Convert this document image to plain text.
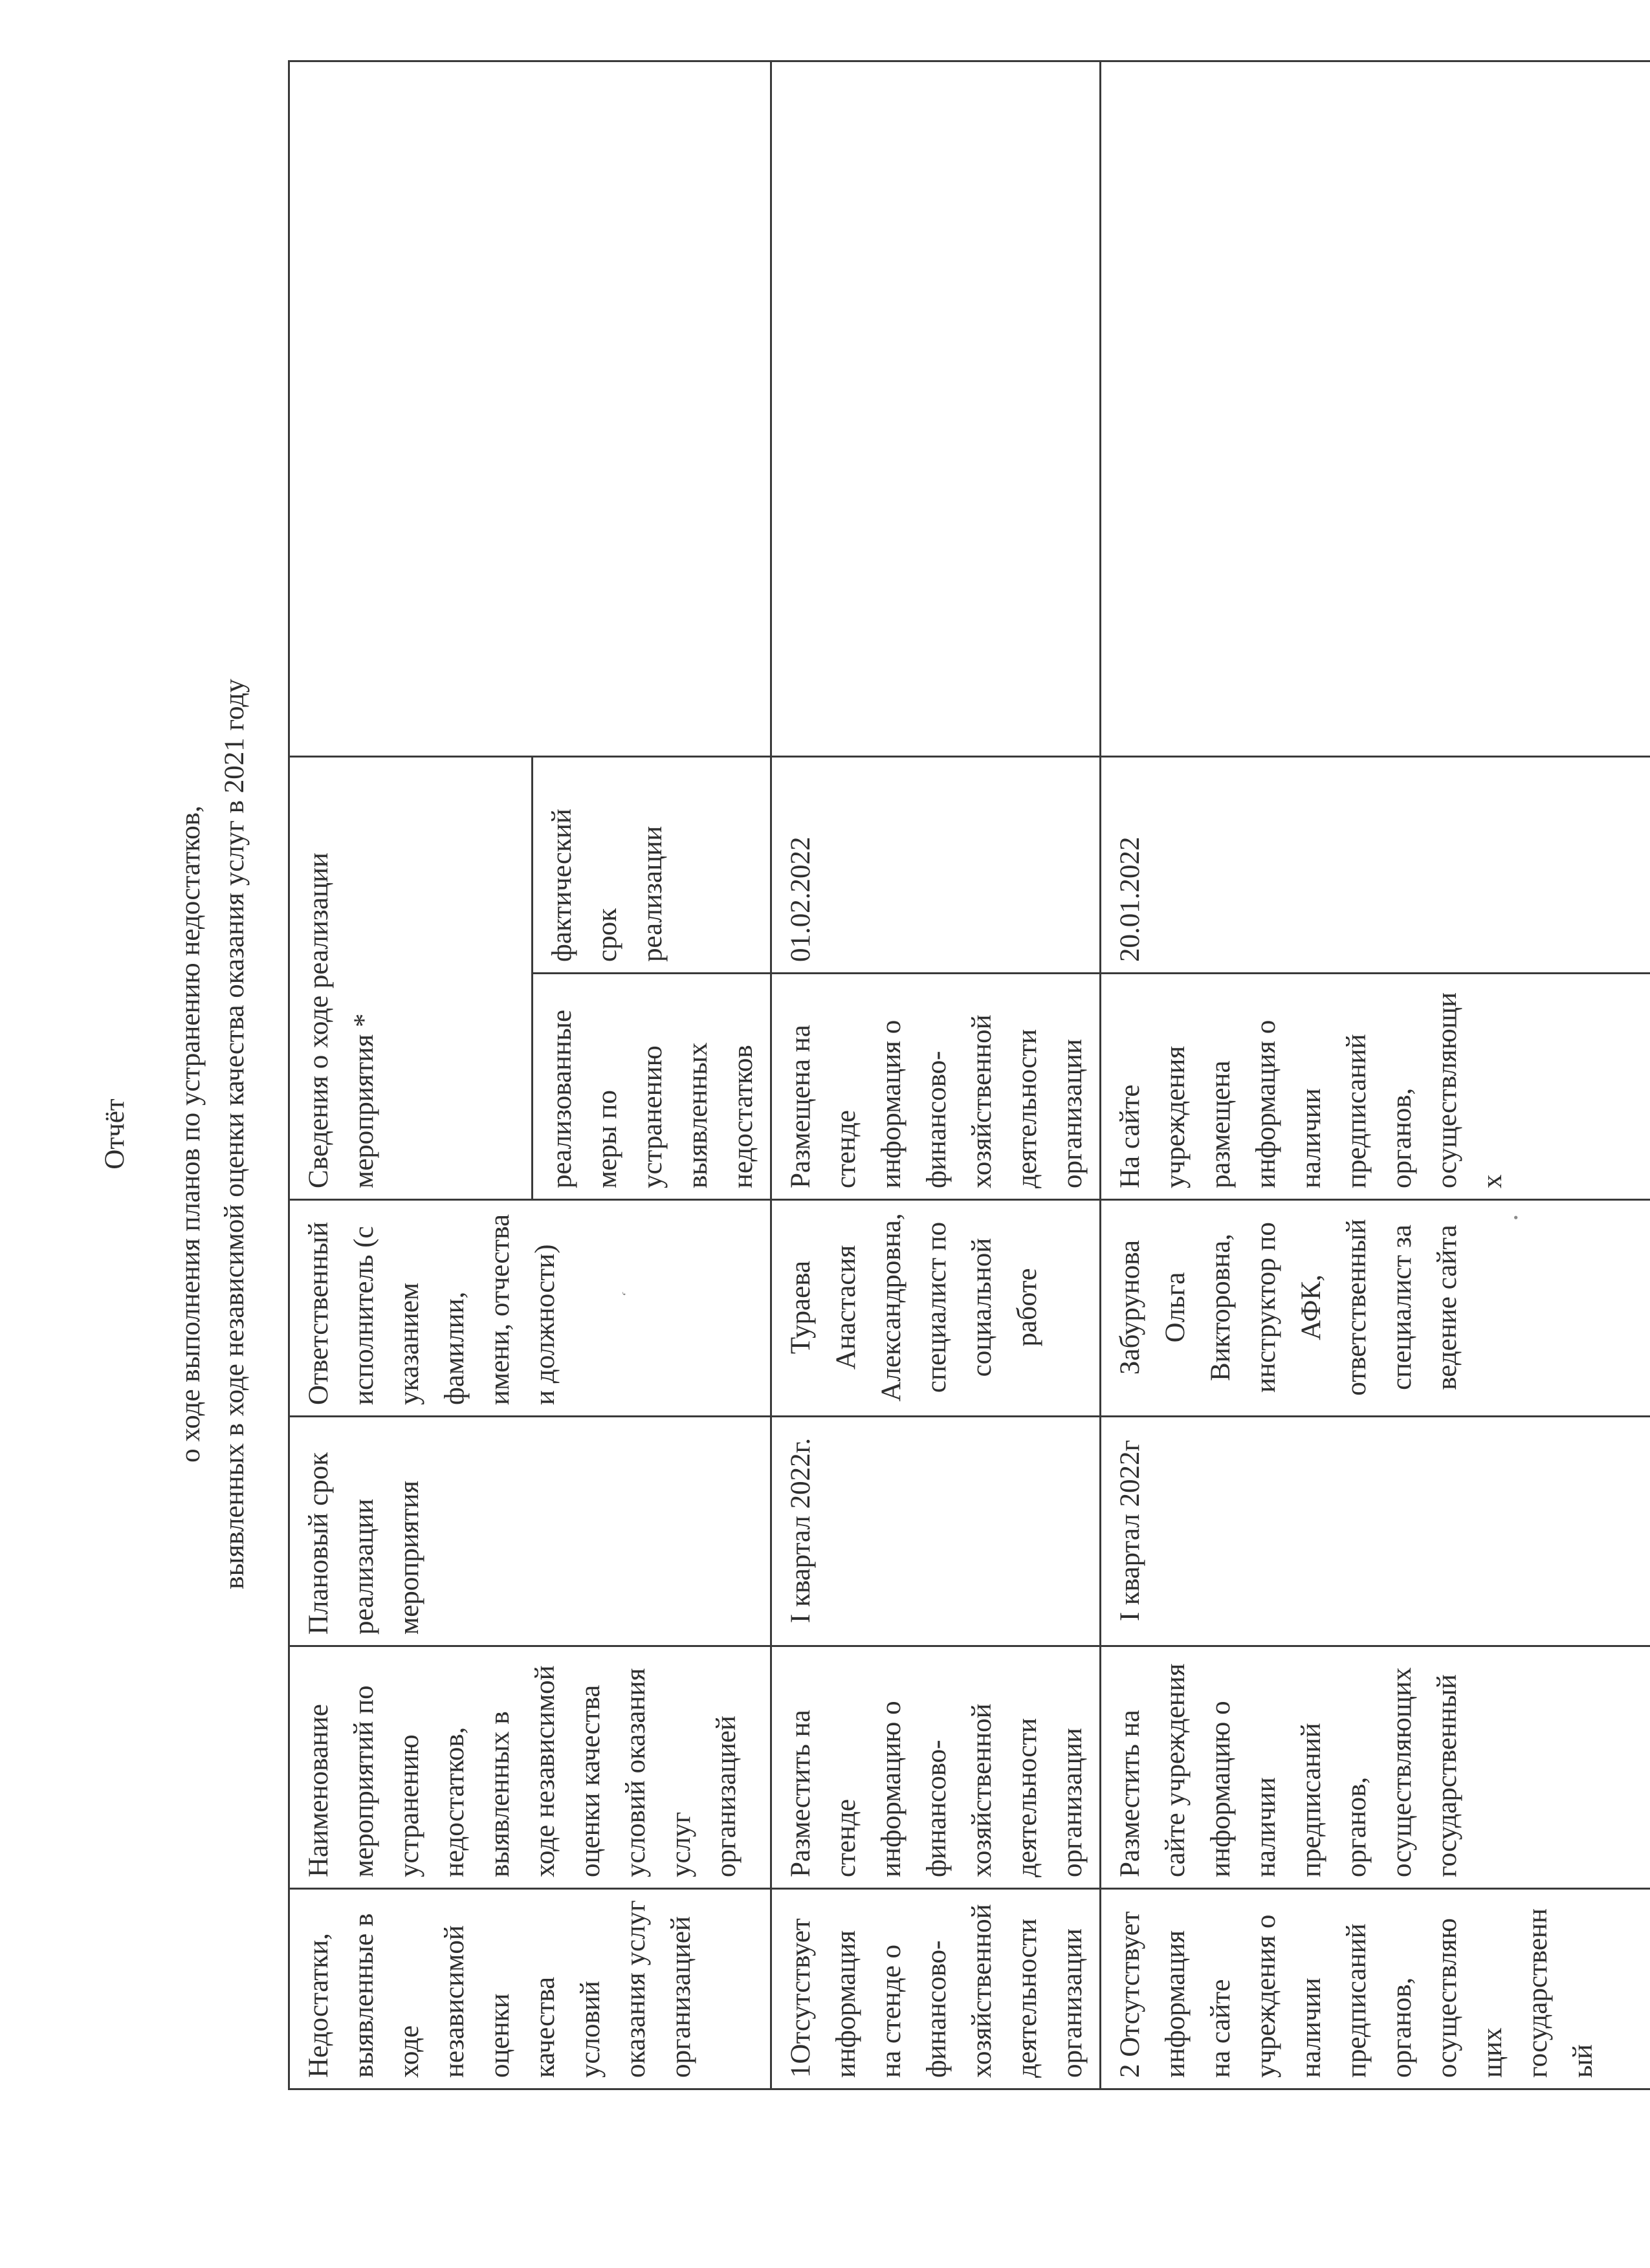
Отчёт о ходе выполнения планов по устранению недостатков, выявленных в ходе независимой оценки качества оказания услуг в 2021 году
Недостатки, выявленные в ходе независимой оценки качества условий оказания услуг организацией	Наименование мероприятий по устранению недостатков, выявленных в ходе независимой оценки качества условий оказания услуг организацией	Плановый срок реализации мероприятия	Ответственный исполнитель (с указанием фамилии, имени, отчества и должности)	Сведения о ходе реализации мероприятия *		

				реализованные меры по устранению выявленных недостатков	фактический срок реализации	

1Отсутствует информация на стенде о финансово-хозяйственной деятельности организации	Разместить на стенде информацию о финансово-хозяйственной деятельности организации	I квартал 2022г.	Тураева Анастасия Александровна, специалист по социальной работе	Размещена на стенде информация о финансово-хозяйственной деятельности организации	01.02.2022	

2 Отсутствует информация на сайте учреждения о наличии предписаний органов, осуществляющих государственный	Разместить на сайте учреждения информацию о наличии предписаний органов, осуществляющих государственный	I квартал 2022г	Забурунова Ольга Викторовна, инструктор по АФК, ответственный специалист за ведение сайта	На сайте учреждения размещена информация о наличии предписаний органов, осуществляющих	20.01.2022	

•
‘
